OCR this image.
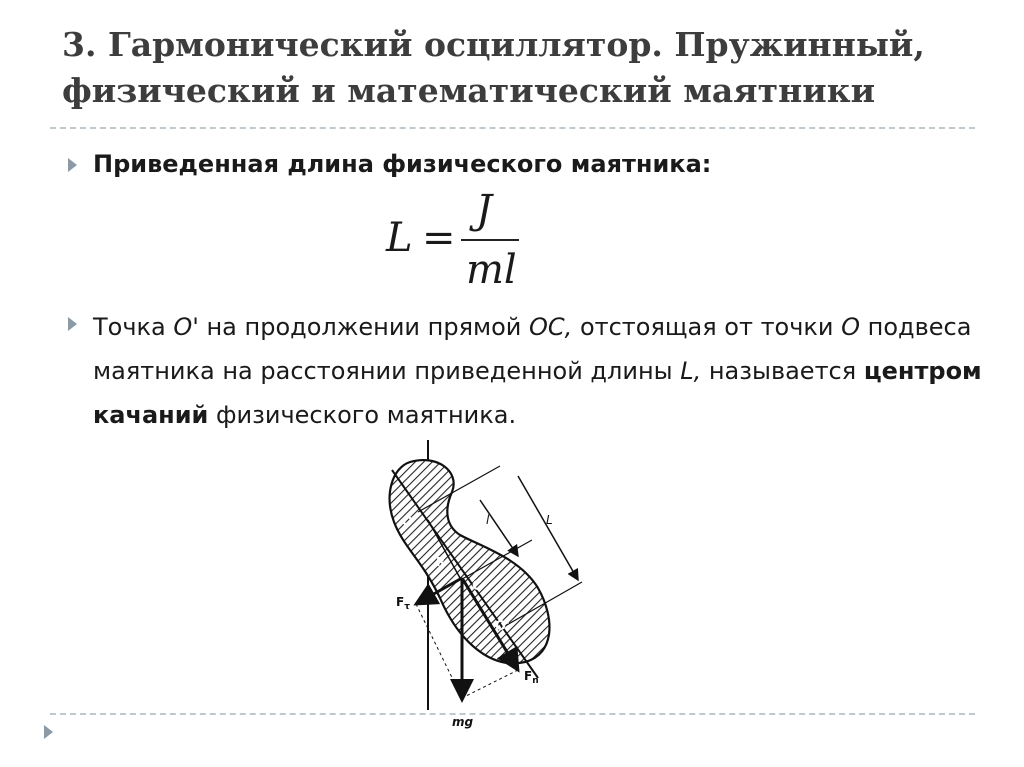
3. Гармонический осциллятор. Пружинный, физический и математический маятники

Приведенная длина физического маятника:

L =
J
ml

Точка O' на продолжении прямой OC, отстоящая от точки O подвеса маятника на расстоянии приведенной длины L, называется центром качаний физического маятника.

O
C
O'
R
l	L
$F_\tau$
$F_n$
mg
